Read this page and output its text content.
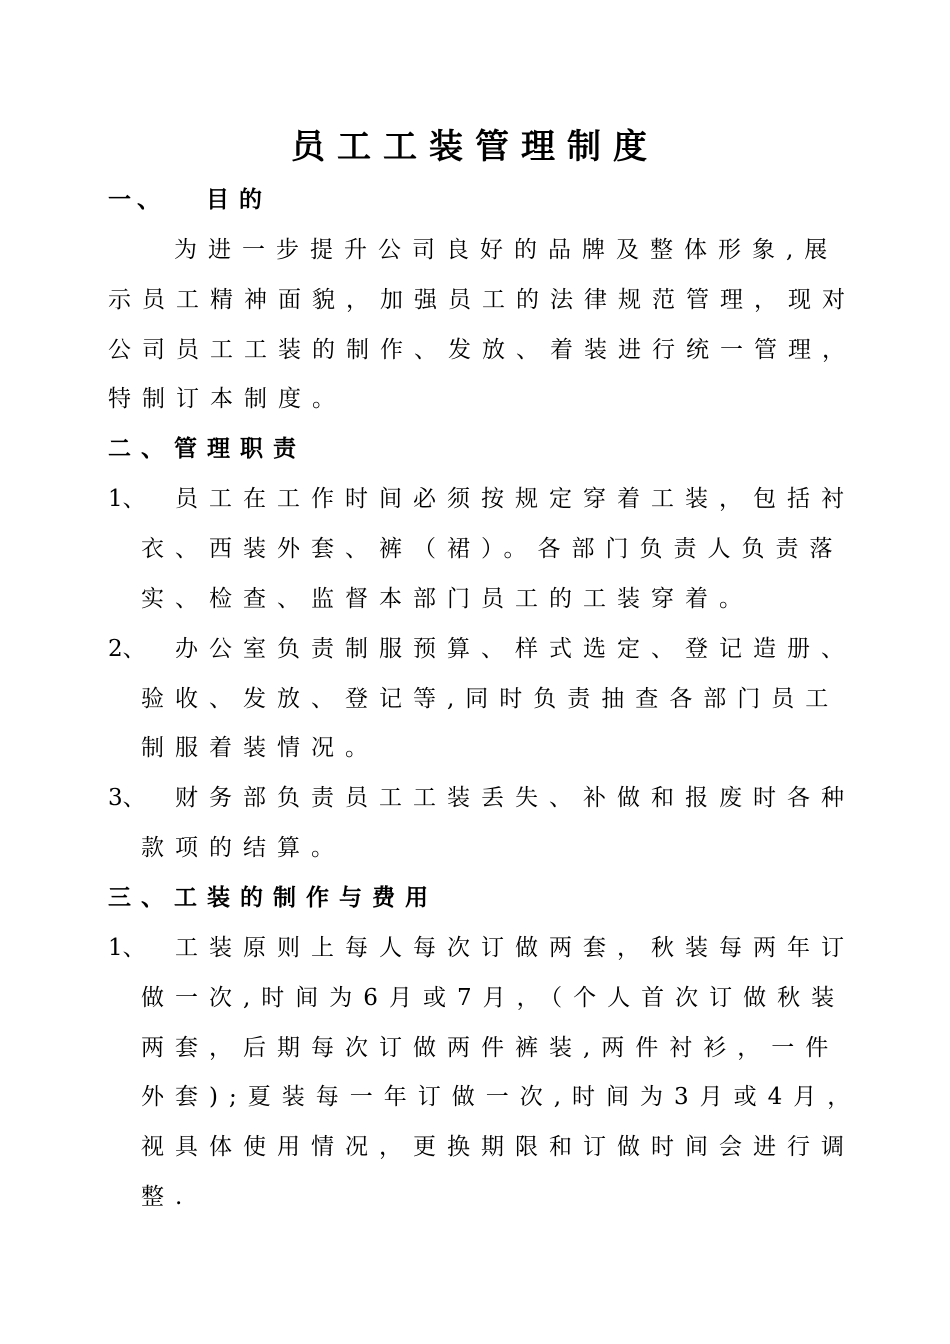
员工工装管理制度
一、 目的
为进一步提升公司良好的品牌及整体形象,展
示员工精神面貌，加强员工的法律规范管理，现对
公司员工工装的制作、发放、着装进行统一管理，
特制订本制度。
二、管理职责
1、 员工在工作时间必须按规定穿着工装，包括衬
衣、西装外套、裤（裙）。各部门负责人负责落
实、检查、监督本部门员工的工装穿着。
2、 办公室负责制服预算、样式选定、登记造册、
验收、发放、登记等,同时负责抽查各部门员工
制服着装情况。
3、 财务部负责员工工装丢失、补做和报废时各种
款项的结算。
三、工装的制作与费用
1、 工装原则上每人每次订做两套，秋装每两年订
做一次,时间为6月或7月，（个人首次订做秋装
两套，后期每次订做两件裤装,两件衬衫，一件
外套);夏装每一年订做一次,时间为3月或4月，
视具体使用情况，更换期限和订做时间会进行调
整.
